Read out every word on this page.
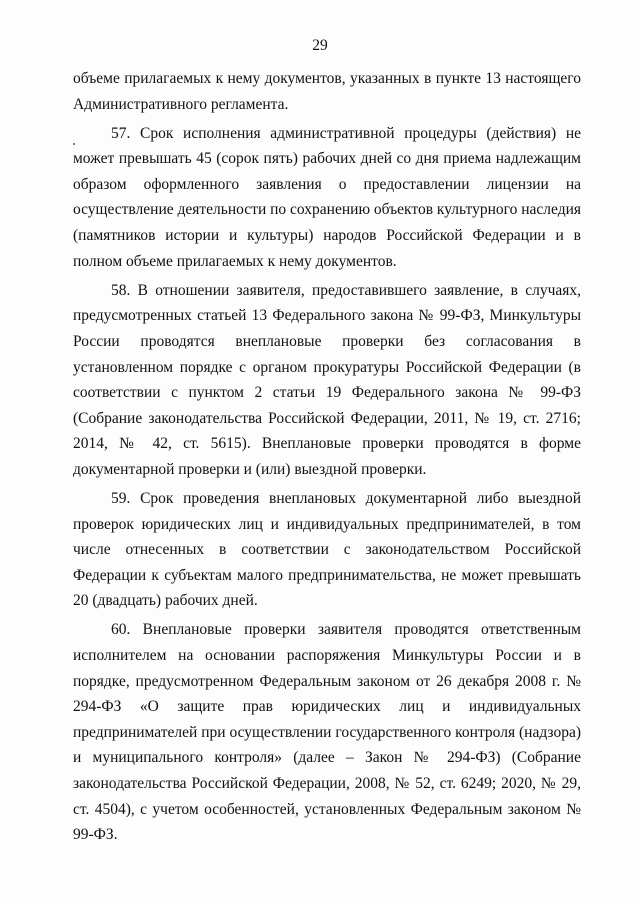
29

объеме прилагаемых к нему документов, указанных в пункте 13 настоящего Административного регламента.

57. Срок исполнения административной процедуры (действия) не может превышать 45 (сорок пять) рабочих дней со дня приема надлежащим образом оформленного заявления о предоставлении лицензии на осуществление деятельности по сохранению объектов культурного наследия (памятников истории и культуры) народов Российской Федерации и в полном объеме прилагаемых к нему документов.

58. В отношении заявителя, предоставившего заявление, в случаях, предусмотренных статьей 13 Федерального закона № 99-ФЗ, Минкультуры России проводятся внеплановые проверки без согласования в установленном порядке с органом прокуратуры Российской Федерации (в соответствии с пунктом 2 статьи 19 Федерального закона № 99-ФЗ (Собрание законодательства Российской Федерации, 2011, № 19, ст. 2716; 2014, № 42, ст. 5615). Внеплановые проверки проводятся в форме документарной проверки и (или) выездной проверки.

59. Срок проведения внеплановых документарной либо выездной проверок юридических лиц и индивидуальных предпринимателей, в том числе отнесенных в соответствии с законодательством Российской Федерации к субъектам малого предпринимательства, не может превышать 20 (двадцать) рабочих дней.

60. Внеплановые проверки заявителя проводятся ответственным исполнителем на основании распоряжения Минкультуры России и в порядке, предусмотренном Федеральным законом от 26 декабря 2008 г. № 294-ФЗ «О защите прав юридических лиц и индивидуальных предпринимателей при осуществлении государственного контроля (надзора) и муниципального контроля» (далее – Закон № 294-ФЗ) (Собрание законодательства Российской Федерации, 2008, № 52, ст. 6249; 2020, № 29, ст. 4504), с учетом особенностей, установленных Федеральным законом № 99-ФЗ.
